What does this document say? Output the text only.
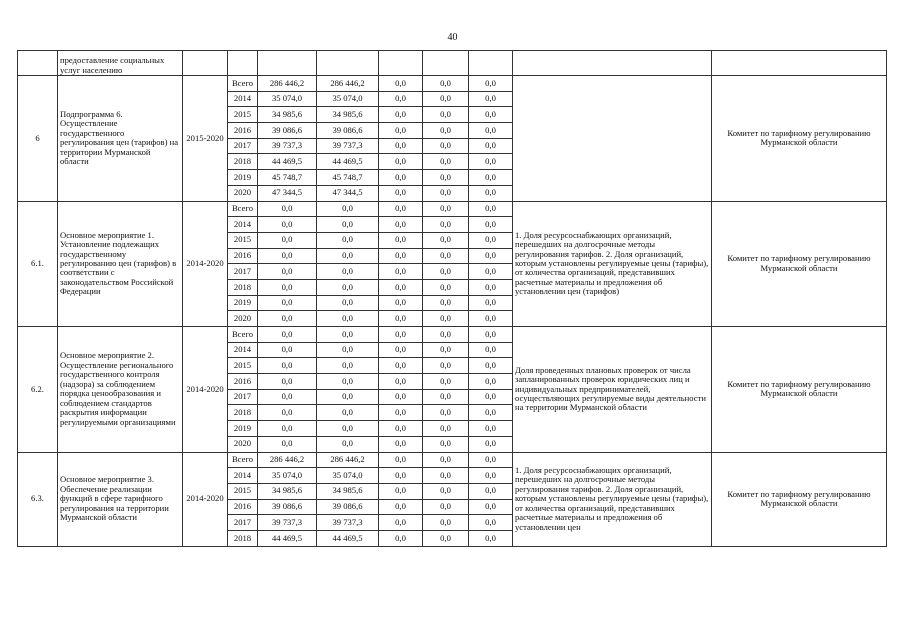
40
	предоставление социальных услуг населению									
6	Подпрограмма 6. Осуществление государственного регулирования цен (тарифов) на территории Мурманской области	2015-2020	Всего	286 446,2	286 446,2	0,0	0,0	0,0		Комитет по тарифному регулированию Мурманской области
			2014	35 074,0	35 074,0	0,0	0,0	0,0		
			2015	34 985,6	34 985,6	0,0	0,0	0,0		
			2016	39 086,6	39 086,6	0,0	0,0	0,0		
			2017	39 737,3	39 737,3	0,0	0,0	0,0		
			2018	44 469,5	44 469,5	0,0	0,0	0,0		
			2019	45 748,7	45 748,7	0,0	0,0	0,0		
			2020	47 344,5	47 344,5	0,0	0,0	0,0		
6.1.	Основное мероприятие 1. Установление подлежащих государственному регулированию цен (тарифов) в соответствии с законодательством Российской Федерации	2014-2020	Всего	0,0	0,0	0,0	0,0	0,0	1. Доля ресурсоснабжающих организаций, перешедших на долгосрочные методы регулирования тарифов. 2. Доля организаций, которым установлены регулируемые цены (тарифы), от количества организаций, представивших расчетные материалы и предложения об установлении цен (тарифов)	Комитет по тарифному регулированию Мурманской области
			2014	0,0	0,0	0,0	0,0	0,0		
			2015	0,0	0,0	0,0	0,0	0,0		
			2016	0,0	0,0	0,0	0,0	0,0		
			2017	0,0	0,0	0,0	0,0	0,0		
			2018	0,0	0,0	0,0	0,0	0,0		
			2019	0,0	0,0	0,0	0,0	0,0		
			2020	0,0	0,0	0,0	0,0	0,0		
6.2.	Основное мероприятие 2. Осуществление регионального государственного контроля (надзора) за соблюдением порядка ценообразования и соблюдением стандартов раскрытия информации регулируемыми организациями	2014-2020	Всего	0,0	0,0	0,0	0,0	0,0	Доля проведенных плановых проверок от числа запланированных проверок юридических лиц и индивидуальных предпринимателей, осуществляющих регулируемые виды деятельности на территории Мурманской области	Комитет по тарифному регулированию Мурманской области
			2014	0,0	0,0	0,0	0,0	0,0		
			2015	0,0	0,0	0,0	0,0	0,0		
			2016	0,0	0,0	0,0	0,0	0,0		
			2017	0,0	0,0	0,0	0,0	0,0		
			2018	0,0	0,0	0,0	0,0	0,0		
			2019	0,0	0,0	0,0	0,0	0,0		
			2020	0,0	0,0	0,0	0,0	0,0		
6.3.	Основное мероприятие 3. Обеспечение реализации функций в сфере тарифного регулирования на территории Мурманской области	2014-2020	Всего	286 446,2	286 446,2	0,0	0,0	0,0	1. Доля ресурсоснабжающих организаций, перешедших на долгосрочные методы регулирования тарифов. 2. Доля организаций, которым установлены регулируемые цены (тарифы), от количества организаций, представивших расчетные материалы и предложения об установлении цен	Комитет по тарифному регулированию Мурманской области
			2014	35 074,0	35 074,0	0,0	0,0	0,0		
			2015	34 985,6	34 985,6	0,0	0,0	0,0		
			2016	39 086,6	39 086,6	0,0	0,0	0,0		
			2017	39 737,3	39 737,3	0,0	0,0	0,0		
			2018	44 469,5	44 469,5	0,0	0,0	0,0		
